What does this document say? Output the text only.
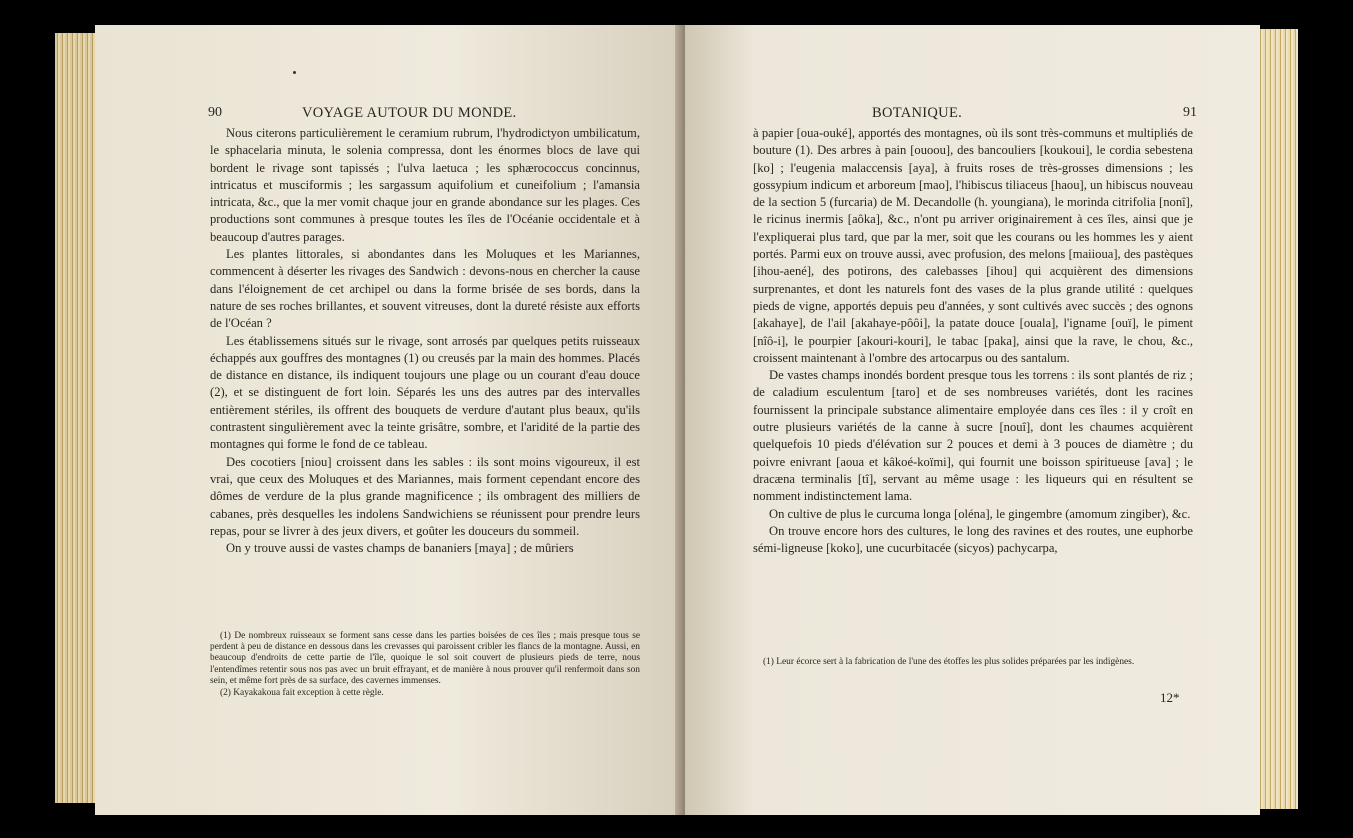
90	VOYAGE AUTOUR DU MONDE.

Nous citerons particulièrement le ceramium rubrum, l'hydrodictyon umbilicatum, le sphacelaria minuta, le solenia compressa, dont les énormes blocs de lave qui bordent le rivage sont tapissés ; l'ulva laetuca ; les sphærococcus concinnus, intricatus et musciformis ; les sargassum aquifolium et cuneifolium ; l'amansia intricata, &c., que la mer vomit chaque jour en grande abondance sur les plages. Ces productions sont communes à presque toutes les îles de l'Océanie occidentale et à beaucoup d'autres parages.

Les plantes littorales, si abondantes dans les Moluques et les Mariannes, commencent à déserter les rivages des Sandwich : devons-nous en chercher la cause dans l'éloignement de cet archipel ou dans la forme brisée de ses bords, dans la nature de ses roches brillantes, et souvent vitreuses, dont la dureté résiste aux efforts de l'Océan ?

Les établissemens situés sur le rivage, sont arrosés par quelques petits ruisseaux échappés aux gouffres des montagnes (1) ou creusés par la main des hommes. Placés de distance en distance, ils indiquent toujours une plage ou un courant d'eau douce (2), et se distinguent de fort loin. Séparés les uns des autres par des intervalles entièrement stériles, ils offrent des bouquets de verdure d'autant plus beaux, qu'ils contrastent singulièrement avec la teinte grisâtre, sombre, et l'aridité de la partie des montagnes qui forme le fond de ce tableau.

Des cocotiers [niou] croissent dans les sables : ils sont moins vigoureux, il est vrai, que ceux des Moluques et des Mariannes, mais forment cependant encore des dômes de verdure de la plus grande magnificence ; ils ombragent des milliers de cabanes, près desquelles les indolens Sandwichiens se réunissent pour prendre leurs repas, pour se livrer à des jeux divers, et goûter les douceurs du sommeil.

On y trouve aussi de vastes champs de bananiers [maya] ; de mûriers

(1) De nombreux ruisseaux se forment sans cesse dans les parties boisées de ces îles ; mais presque tous se perdent à peu de distance en dessous dans les crevasses qui paroissent cribler les flancs de la montagne. Aussi, en beaucoup d'endroits de cette partie de l'île, quoique le sol soit couvert de plusieurs pieds de terre, nous l'entendîmes retentir sous nos pas avec un bruit effrayant, et de manière à nous prouver qu'il renfermoit dans son sein, et même fort près de sa surface, des cavernes immenses.

(2) Kayakakoua fait exception à cette règle.

BOTANIQUE.	91

à papier [oua-ouké], apportés des montagnes, où ils sont très-communs et multipliés de bouture (1). Des arbres à pain [ouoou], des bancouliers [koukoui], le cordia sebestena [ko] ; l'eugenia malaccensis [aya], à fruits roses de très-grosses dimensions ; les gossypium indicum et arboreum [mao], l'hibiscus tiliaceus [haou], un hibiscus nouveau de la section 5 (furcaria) de M. Decandolle (h. youngiana), le morinda citrifolia [nonî], le ricinus inermis [aôka], &c., n'ont pu arriver originairement à ces îles, ainsi que je l'expliquerai plus tard, que par la mer, soit que les courans ou les hommes les y aient portés. Parmi eux on trouve aussi, avec profusion, des melons [maiioua], des pastèques [ihou-aené], des potirons, des calebasses [ihou] qui acquièrent des dimensions surprenantes, et dont les naturels font des vases de la plus grande utilité : quelques pieds de vigne, apportés depuis peu d'années, y sont cultivés avec succès ; des ognons [akahaye], de l'ail [akahaye-pôôi], la patate douce [ouala], l'igname [ouï], le piment [nîô-i], le pourpier [akouri-kouri], le tabac [paka], ainsi que la rave, le chou, &c., croissent maintenant à l'ombre des artocarpus ou des santalum.

De vastes champs inondés bordent presque tous les torrens : ils sont plantés de riz ; de caladium esculentum [taro] et de ses nombreuses variétés, dont les racines fournissent la principale substance alimentaire employée dans ces îles : il y croît en outre plusieurs variétés de la canne à sucre [nouî], dont les chaumes acquièrent quelquefois 10 pieds d'élévation sur 2 pouces et demi à 3 pouces de diamètre ; du poivre enivrant [aoua et kâkoé-koïmi], qui fournit une boisson spiritueuse [ava] ; le dracæna terminalis [tî], servant au même usage : les liqueurs qui en résultent se nomment indistinctement lama.

On cultive de plus le curcuma longa [oléna], le gingembre (amomum zingiber), &c.

On trouve encore hors des cultures, le long des ravines et des routes, une euphorbe sémi-ligneuse [koko], une cucurbitacée (sicyos) pachycarpa,

(1) Leur écorce sert à la fabrication de l'une des étoffes les plus solides préparées par les indigènes.

12*
